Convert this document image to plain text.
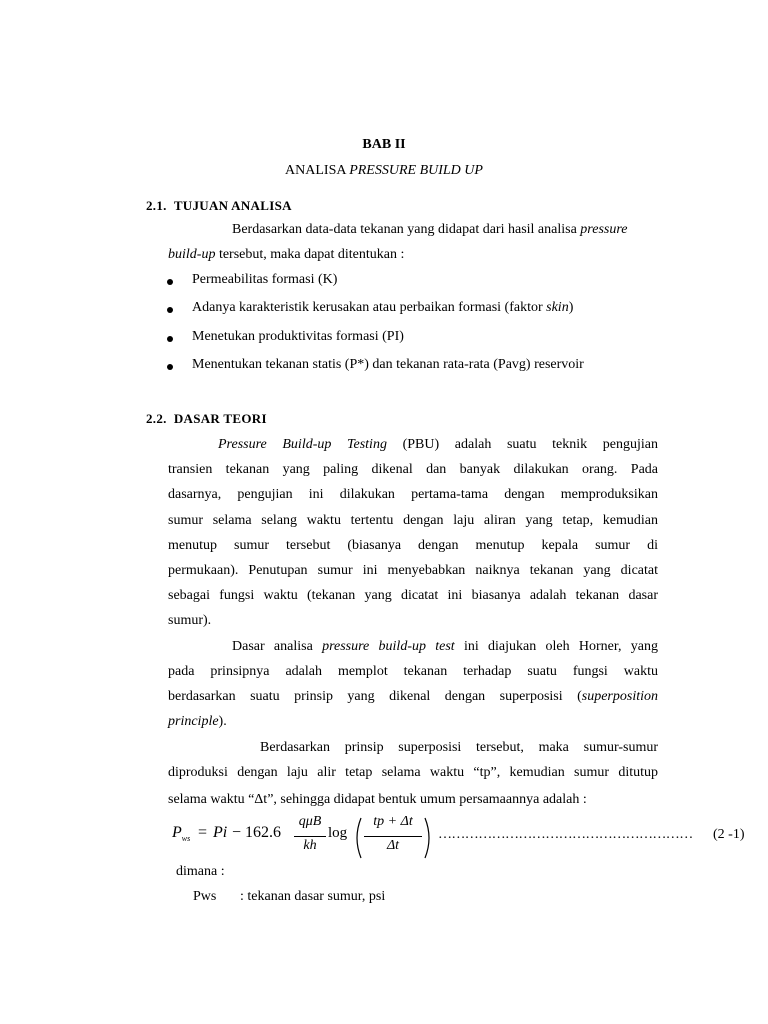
BAB II
ANALISA PRESSURE BUILD UP
2.1. TUJUAN ANALISA
Berdasarkan data-data tekanan yang didapat dari hasil analisa pressure
build-up tersebut, maka dapat ditentukan :
Permeabilitas formasi (K)
Adanya karakteristik kerusakan atau perbaikan formasi (faktor skin)
Menetukan produktivitas formasi (PI)
Menentukan tekanan statis (P*) dan tekanan rata-rata (Pavg) reservoir
2.2. DASAR TEORI
Pressure Build-up Testing (PBU) adalah suatu teknik pengujian
transien tekanan yang paling dikenal dan banyak dilakukan orang. Pada
dasarnya, pengujian ini dilakukan pertama-tama dengan memproduksikan
sumur selama selang waktu tertentu dengan laju aliran yang tetap, kemudian
menutup sumur tersebut (biasanya dengan menutup kepala sumur di
permukaan). Penutupan sumur ini menyebabkan naiknya tekanan yang dicatat
sebagai fungsi waktu (tekanan yang dicatat ini biasanya adalah tekanan dasar
sumur).
Dasar analisa pressure build-up test ini diajukan oleh Horner, yang
pada prinsipnya adalah memplot tekanan terhadap suatu fungsi waktu
berdasarkan suatu prinsip yang dikenal dengan superposisi (superposition
principle).
Berdasarkan prinsip superposisi tersebut, maka sumur-sumur
diproduksi dengan laju alir tetap selama waktu “tp”, kemudian sumur ditutup
selama waktu “Δt”, sehingga didapat bentuk umum persamaannya adalah :
$P_{ws} = Pi - 162.6$
qμB
kh
log
tp + Δt
Δt
…………………………………………………	(2 -1)
dimana :
Pws : tekanan dasar sumur, psi
